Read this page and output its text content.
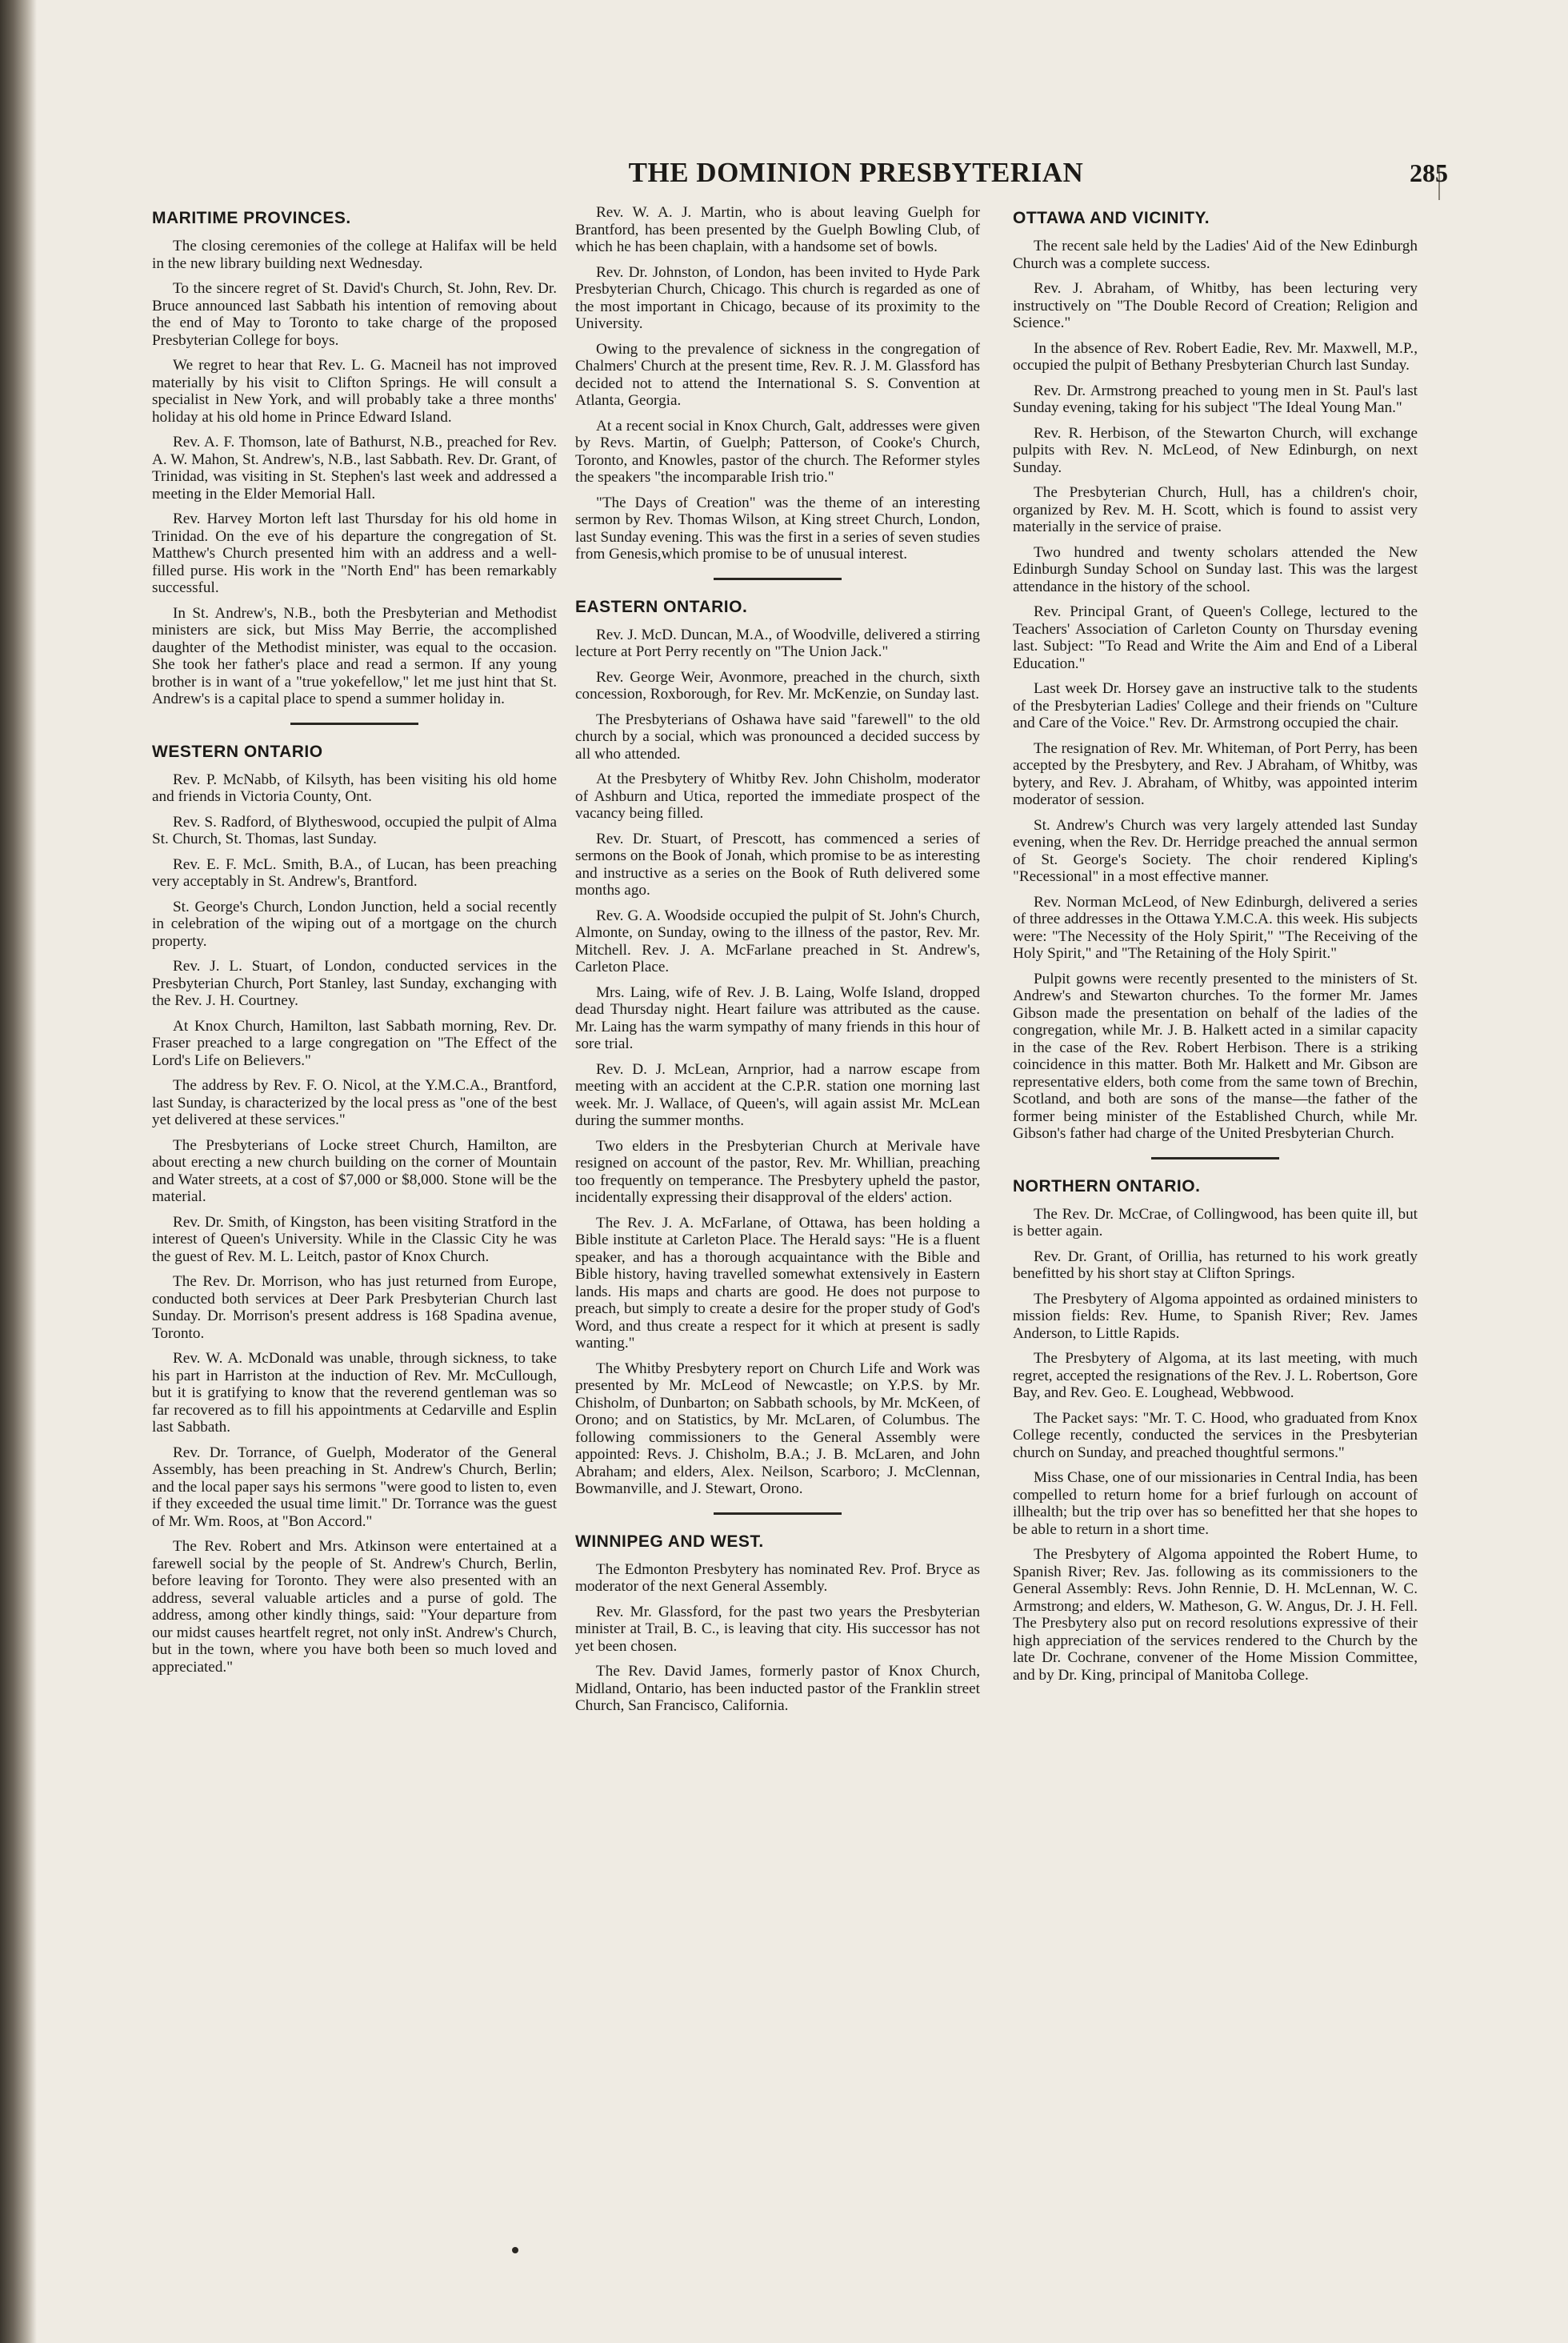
THE DOMINION PRESBYTERIAN	285
MARITIME PROVINCES.

The closing ceremonies of the college at Halifax will be held in the new library building next Wednesday.

To the sincere regret of St. David's Church, St. John, Rev. Dr. Bruce announced last Sabbath his intention of removing about the end of May to Toronto to take charge of the proposed Presbyterian College for boys.

We regret to hear that Rev. L. G. Macneil has not improved materially by his visit to Clifton Springs. He will consult a specialist in New York, and will probably take a three months' holiday at his old home in Prince Edward Island.

Rev. A. F. Thomson, late of Bathurst, N.B., preached for Rev. A. W. Mahon, St. Andrew's, N.B., last Sabbath. Rev. Dr. Grant, of Trinidad, was visiting in St. Stephen's last week and addressed a meeting in the Elder Memorial Hall.

Rev. Harvey Morton left last Thursday for his old home in Trinidad. On the eve of his departure the congregation of St. Matthew's Church presented him with an address and a well-filled purse. His work in the "North End" has been remarkably successful.

In St. Andrew's, N.B., both the Presbyterian and Methodist ministers are sick, but Miss May Berrie, the accomplished daughter of the Methodist minister, was equal to the occasion. She took her father's place and read a sermon. If any young brother is in want of a "true yokefellow," let me just hint that St. Andrew's is a capital place to spend a summer holiday in.

WESTERN ONTARIO

Rev. P. McNabb, of Kilsyth, has been visiting his old home and friends in Victoria County, Ont.

Rev. S. Radford, of Blytheswood, occupied the pulpit of Alma St. Church, St. Thomas, last Sunday.

Rev. E. F. McL. Smith, B.A., of Lucan, has been preaching very acceptably in St. Andrew's, Brantford.

St. George's Church, London Junction, held a social recently in celebration of the wiping out of a mortgage on the church property.

Rev. J. L. Stuart, of London, conducted services in the Presbyterian Church, Port Stanley, last Sunday, exchanging with the Rev. J. H. Courtney.

At Knox Church, Hamilton, last Sabbath morning, Rev. Dr. Fraser preached to a large congregation on "The Effect of the Lord's Life on Believers."

The address by Rev. F. O. Nicol, at the Y.M.C.A., Brantford, last Sunday, is characterized by the local press as "one of the best yet delivered at these services."

The Presbyterians of Locke street Church, Hamilton, are about erecting a new church building on the corner of Mountain and Water streets, at a cost of $7,000 or $8,000. Stone will be the material.

Rev. Dr. Smith, of Kingston, has been visiting Stratford in the interest of Queen's University. While in the Classic City he was the guest of Rev. M. L. Leitch, pastor of Knox Church.

The Rev. Dr. Morrison, who has just returned from Europe, conducted both services at Deer Park Presbyterian Church last Sunday. Dr. Morrison's present address is 168 Spadina avenue, Toronto.

Rev. W. A. McDonald was unable, through sickness, to take his part in Harriston at the induction of Rev. Mr. McCullough, but it is gratifying to know that the reverend gentleman was so far recovered as to fill his appointments at Cedarville and Esplin last Sabbath.

Rev. Dr. Torrance, of Guelph, Moderator of the General Assembly, has been preaching in St. Andrew's Church, Berlin; and the local paper says his sermons "were good to listen to, even if they exceeded the usual time limit." Dr. Torrance was the guest of Mr. Wm. Roos, at "Bon Accord."

The Rev. Robert and Mrs. Atkinson were entertained at a farewell social by the people of St. Andrew's Church, Berlin, before leaving for Toronto. They were also presented with an address, several valuable articles and a purse of gold. The address, among other kindly things, said: "Your departure from our midst causes heartfelt regret, not only inSt. Andrew's Church, but in the town, where you have both been so much loved and appreciated."

Rev. W. A. J. Martin, who is about leaving Guelph for Brantford, has been presented by the Guelph Bowling Club, of which he has been chaplain, with a handsome set of bowls.

Rev. Dr. Johnston, of London, has been invited to Hyde Park Presbyterian Church, Chicago. This church is regarded as one of the most important in Chicago, because of its proximity to the University.

Owing to the prevalence of sickness in the congregation of Chalmers' Church at the present time, Rev. R. J. M. Glassford has decided not to attend the International S. S. Convention at Atlanta, Georgia.

At a recent social in Knox Church, Galt, addresses were given by Revs. Martin, of Guelph; Patterson, of Cooke's Church, Toronto, and Knowles, pastor of the church. The Reformer styles the speakers "the incomparable Irish trio."

"The Days of Creation" was the theme of an interesting sermon by Rev. Thomas Wilson, at King street Church, London, last Sunday evening. This was the first in a series of seven studies from Genesis,which promise to be of unusual interest.

EASTERN ONTARIO.

Rev. J. McD. Duncan, M.A., of Woodville, delivered a stirring lecture at Port Perry recently on "The Union Jack."

Rev. George Weir, Avonmore, preached in the church, sixth concession, Roxborough, for Rev. Mr. McKenzie, on Sunday last.

The Presbyterians of Oshawa have said "farewell" to the old church by a social, which was pronounced a decided success by all who attended.

At the Presbytery of Whitby Rev. John Chisholm, moderator of Ashburn and Utica, reported the immediate prospect of the vacancy being filled.

Rev. Dr. Stuart, of Prescott, has commenced a series of sermons on the Book of Jonah, which promise to be as interesting and instructive as a series on the Book of Ruth delivered some months ago.

Rev. G. A. Woodside occupied the pulpit of St. John's Church, Almonte, on Sunday, owing to the illness of the pastor, Rev. Mr. Mitchell. Rev. J. A. McFarlane preached in St. Andrew's, Carleton Place.

Mrs. Laing, wife of Rev. J. B. Laing, Wolfe Island, dropped dead Thursday night. Heart failure was attributed as the cause. Mr. Laing has the warm sympathy of many friends in this hour of sore trial.

Rev. D. J. McLean, Arnprior, had a narrow escape from meeting with an accident at the C.P.R. station one morning last week. Mr. J. Wallace, of Queen's, will again assist Mr. McLean during the summer months.

Two elders in the Presbyterian Church at Merivale have resigned on account of the pastor, Rev. Mr. Whillian, preaching too frequently on temperance. The Presbytery upheld the pastor, incidentally expressing their disapproval of the elders' action.

The Rev. J. A. McFarlane, of Ottawa, has been holding a Bible institute at Carleton Place. The Herald says: "He is a fluent speaker, and has a thorough acquaintance with the Bible and Bible history, having travelled somewhat extensively in Eastern lands. His maps and charts are good. He does not purpose to preach, but simply to create a desire for the proper study of God's Word, and thus create a respect for it which at present is sadly wanting."

The Whitby Presbytery report on Church Life and Work was presented by Mr. McLeod of Newcastle; on Y.P.S. by Mr. Chisholm, of Dunbarton; on Sabbath schools, by Mr. McKeen, of Orono; and on Statistics, by Mr. McLaren, of Columbus. The following commissioners to the General Assembly were appointed: Revs. J. Chisholm, B.A.; J. B. McLaren, and John Abraham; and elders, Alex. Neilson, Scarboro; J. McClennan, Bowmanville, and J. Stewart, Orono.

WINNIPEG AND WEST.

The Edmonton Presbytery has nominated Rev. Prof. Bryce as moderator of the next General Assembly.

Rev. Mr. Glassford, for the past two years the Presbyterian minister at Trail, B. C., is leaving that city. His successor has not yet been chosen.

The Rev. David James, formerly pastor of Knox Church, Midland, Ontario, has been inducted pastor of the Franklin street Church, San Francisco, California.

OTTAWA AND VICINITY.

The recent sale held by the Ladies' Aid of the New Edinburgh Church was a complete success.

Rev. J. Abraham, of Whitby, has been lecturing very instructively on "The Double Record of Creation; Religion and Science."

In the absence of Rev. Robert Eadie, Rev. Mr. Maxwell, M.P., occupied the pulpit of Bethany Presbyterian Church last Sunday.

Rev. Dr. Armstrong preached to young men in St. Paul's last Sunday evening, taking for his subject "The Ideal Young Man."

Rev. R. Herbison, of the Stewarton Church, will exchange pulpits with Rev. N. McLeod, of New Edinburgh, on next Sunday.

The Presbyterian Church, Hull, has a children's choir, organized by Rev. M. H. Scott, which is found to assist very materially in the service of praise.

Two hundred and twenty scholars attended the New Edinburgh Sunday School on Sunday last. This was the largest attendance in the history of the school.

Rev. Principal Grant, of Queen's College, lectured to the Teachers' Association of Carleton County on Thursday evening last. Subject: "To Read and Write the Aim and End of a Liberal Education."

Last week Dr. Horsey gave an instructive talk to the students of the Presbyterian Ladies' College and their friends on "Culture and Care of the Voice." Rev. Dr. Armstrong occupied the chair.

The resignation of Rev. Mr. Whiteman, of Port Perry, has been accepted by the Presbytery, and Rev. J Abraham, of Whitby, was bytery, and Rev. J. Abraham, of Whitby, was appointed interim moderator of session.

St. Andrew's Church was very largely attended last Sunday evening, when the Rev. Dr. Herridge preached the annual sermon of St. George's Society. The choir rendered Kipling's "Recessional" in a most effective manner.

Rev. Norman McLeod, of New Edinburgh, delivered a series of three addresses in the Ottawa Y.M.C.A. this week. His subjects were: "The Necessity of the Holy Spirit," "The Receiving of the Holy Spirit," and "The Retaining of the Holy Spirit."

Pulpit gowns were recently presented to the ministers of St. Andrew's and Stewarton churches. To the former Mr. James Gibson made the presentation on behalf of the ladies of the congregation, while Mr. J. B. Halkett acted in a similar capacity in the case of the Rev. Robert Herbison. There is a striking coincidence in this matter. Both Mr. Halkett and Mr. Gibson are representative elders, both come from the same town of Brechin, Scotland, and both are sons of the manse—the father of the former being minister of the Established Church, while Mr. Gibson's father had charge of the United Presbyterian Church.

NORTHERN ONTARIO.

The Rev. Dr. McCrae, of Collingwood, has been quite ill, but is better again.

Rev. Dr. Grant, of Orillia, has returned to his work greatly benefitted by his short stay at Clifton Springs.

The Presbytery of Algoma appointed as ordained ministers to mission fields: Rev. Hume, to Spanish River; Rev. James Anderson, to Little Rapids.

The Presbytery of Algoma, at its last meeting, with much regret, accepted the resignations of the Rev. J. L. Robertson, Gore Bay, and Rev. Geo. E. Loughead, Webbwood.

The Packet says: "Mr. T. C. Hood, who graduated from Knox College recently, conducted the services in the Presbyterian church on Sunday, and preached thoughtful sermons."

Miss Chase, one of our missionaries in Central India, has been compelled to return home for a brief furlough on account of illhealth; but the trip over has so benefitted her that she hopes to be able to return in a short time.

The Presbytery of Algoma appointed the Robert Hume, to Spanish River; Rev. Jas. following as its commissioners to the General Assembly: Revs. John Rennie, D. H. McLennan, W. C. Armstrong; and elders, W. Matheson, G. W. Angus, Dr. J. H. Fell. The Presbytery also put on record resolutions expressive of their high appreciation of the services rendered to the Church by the late Dr. Cochrane, convener of the Home Mission Committee, and by Dr. King, principal of Manitoba College.
